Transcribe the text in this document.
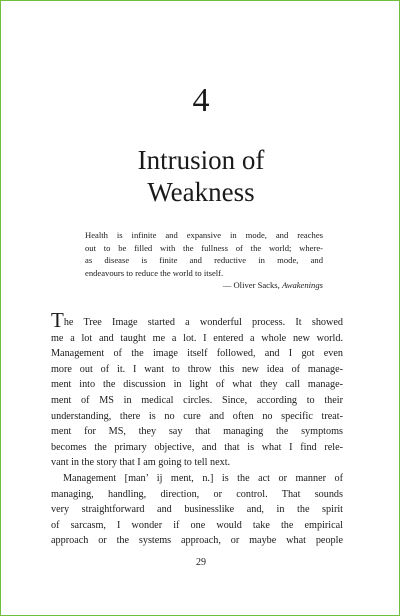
4
Intrusion of
Weakness
Health is infinite and expansive in mode, and reaches
out to be filled with the fullness of the world; where-
as disease is finite and reductive in mode, and
endeavours to reduce the world to itself.
— Oliver Sacks, Awakenings
The Tree Image started a wonderful process. It showed
me a lot and taught me a lot. I entered a whole new world.
Management of the image itself followed, and I got even
more out of it. I want to throw this new idea of manage-
ment into the discussion in light of what they call manage-
ment of MS in medical circles. Since, according to their
understanding, there is no cure and often no specific treat-
ment for MS, they say that managing the symptoms
becomes the primary objective, and that is what I find rele-
vant in the story that I am going to tell next.
Management [man’ ij ment, n.] is the act or manner of
managing, handling, direction, or control. That sounds
very straightforward and businesslike and, in the spirit
of sarcasm, I wonder if one would take the empirical
approach or the systems approach, or maybe what people
29
